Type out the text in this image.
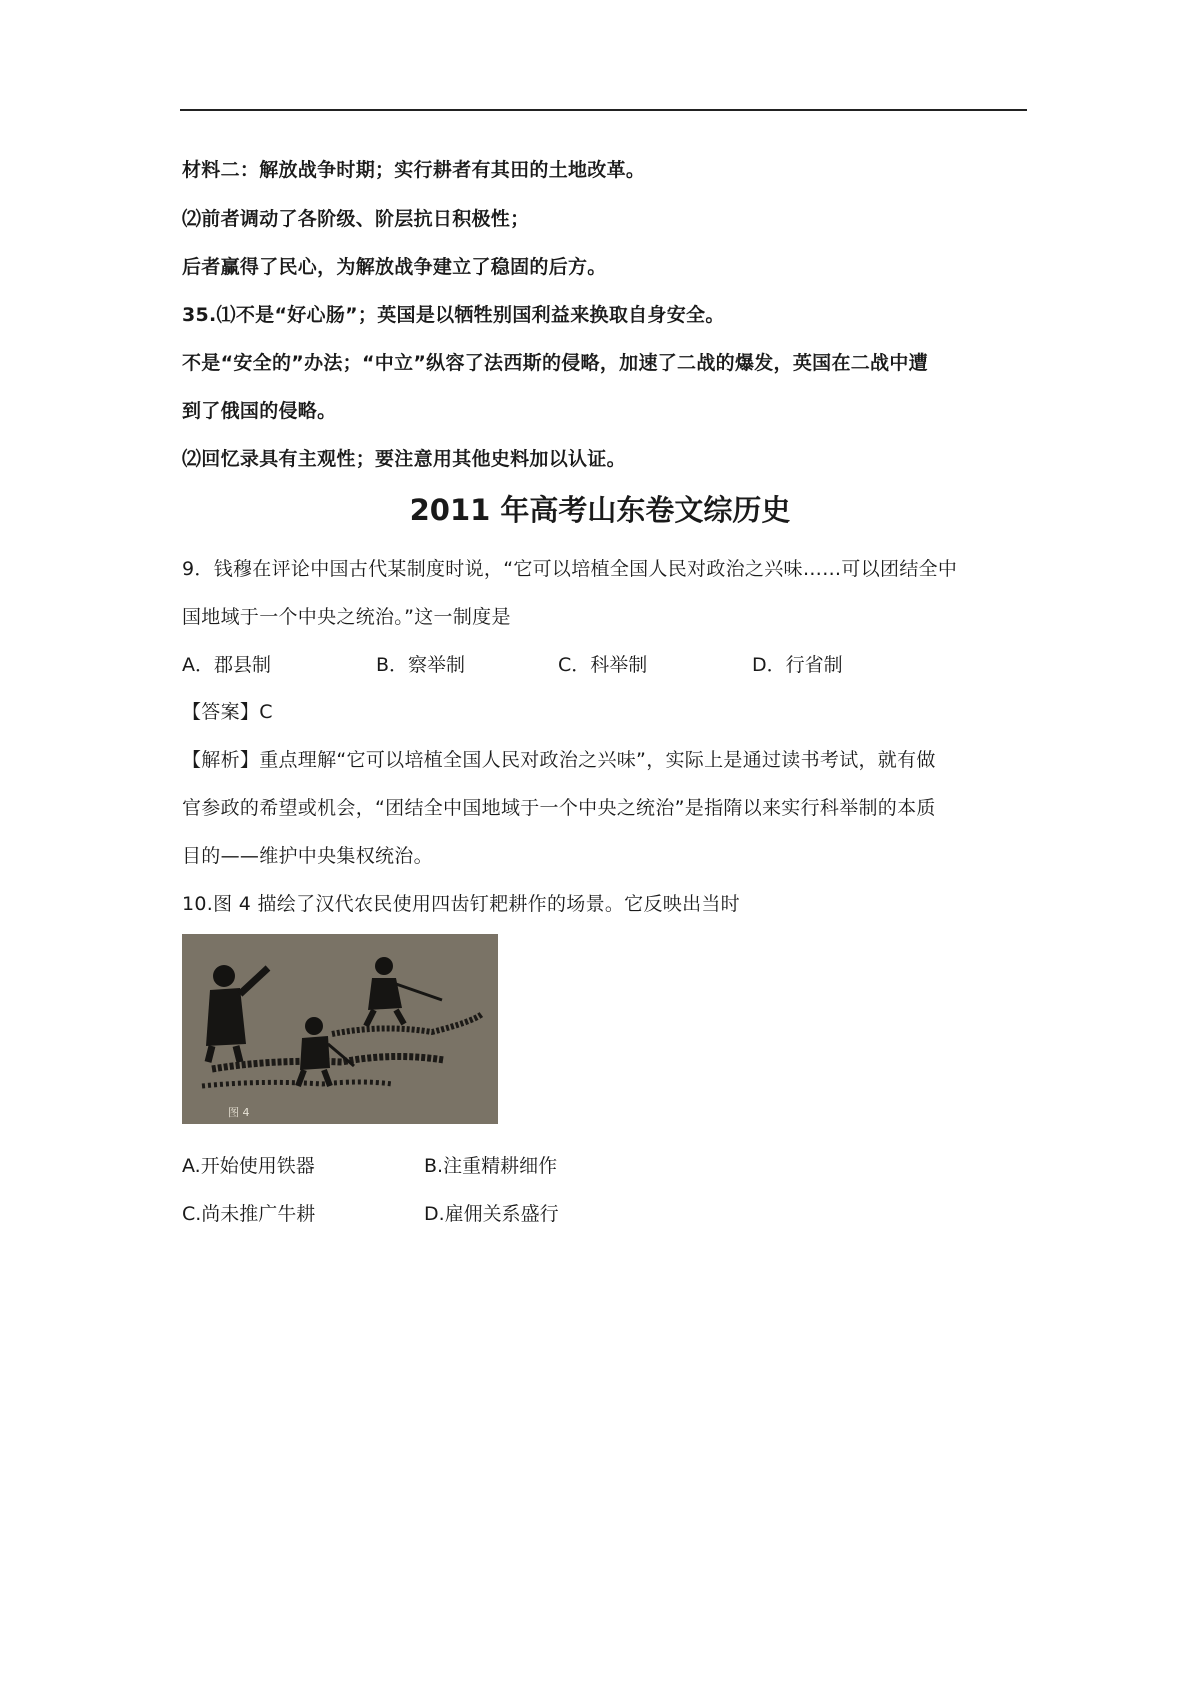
材料二：解放战争时期；实行耕者有其田的土地改革。
⑵前者调动了各阶级、阶层抗日积极性；
后者赢得了民心，为解放战争建立了稳固的后方。
35.⑴不是“好心肠”；英国是以牺牲别国利益来换取自身安全。
不是“安全的”办法；“中立”纵容了法西斯的侵略，加速了二战的爆发，英国在二战中遭
到了俄国的侵略。
⑵回忆录具有主观性；要注意用其他史料加以认证。
2011 年高考山东卷文综历史
9．钱穆在评论中国古代某制度时说，“它可以培植全国人民对政治之兴味……可以团结全中
国地域于一个中央之统治。”这一制度是
A．郡县制	B．察举制	C．科举制	D．行省制
【答案】C
【解析】重点理解“它可以培植全国人民对政治之兴味”，实际上是通过读书考试，就有做
官参政的希望或机会，“团结全中国地域于一个中央之统治”是指隋以来实行科举制的本质
目的——维护中央集权统治。
10.图 4 描绘了汉代农民使用四齿钉耙耕作的场景。它反映出当时
图 4
A.开始使用铁器	B.注重精耕细作
C.尚未推广牛耕	D.雇佣关系盛行
